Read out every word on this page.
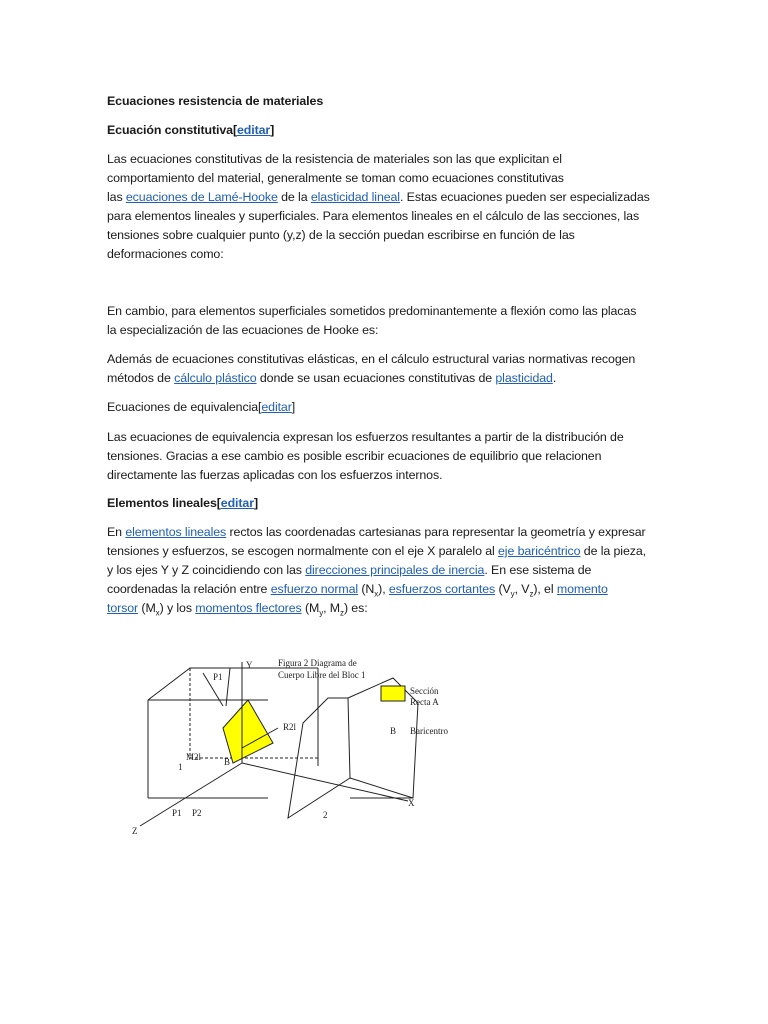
Ecuaciones resistencia de materiales
Ecuación constitutiva[editar]
Las ecuaciones constitutivas de la resistencia de materiales son las que explicitan el
comportamiento del material, generalmente se toman como ecuaciones constitutivas
las ecuaciones de Lamé-Hooke de la elasticidad lineal. Estas ecuaciones pueden ser especializadas
para elementos lineales y superficiales. Para elementos lineales en el cálculo de las secciones, las
tensiones sobre cualquier punto (y,z) de la sección puedan escribirse en función de las
deformaciones como:
En cambio, para elementos superficiales sometidos predominantemente a flexión como las placas
la especialización de las ecuaciones de Hooke es:
Además de ecuaciones constitutivas elásticas, en el cálculo estructural varias normativas recogen
métodos de cálculo plástico donde se usan ecuaciones constitutivas de plasticidad.
Ecuaciones de equivalencia[editar]
Las ecuaciones de equivalencia expresan los esfuerzos resultantes a partir de la distribución de
tensiones. Gracias a ese cambio es posible escribir ecuaciones de equilibrio que relacionen
directamente las fuerzas aplicadas con los esfuerzos internos.
Elementos lineales[editar]
En elementos lineales rectos las coordenadas cartesianas para representar la geometría y expresar
tensiones y esfuerzos, se escogen normalmente con el eje X paralelo al eje baricéntrico de la pieza,
y los ejes Y y Z coincidiendo con las direcciones principales de inercia. En ese sistema de
coordenadas la relación entre esfuerzo normal $(N_x)$, esfuerzos cortantes ($V_y$, $V_z$), el momento
torsor $(M_x)$ y los momentos flectores ($M_y$, $M_z$) es:
Figura 2 Diagrama de
Cuerpo Libre del Bloc 1
Sección
Recta A
B Baricentro
Y
X
Z
P1
R2l
M2l	B
1
2
P1 P2
